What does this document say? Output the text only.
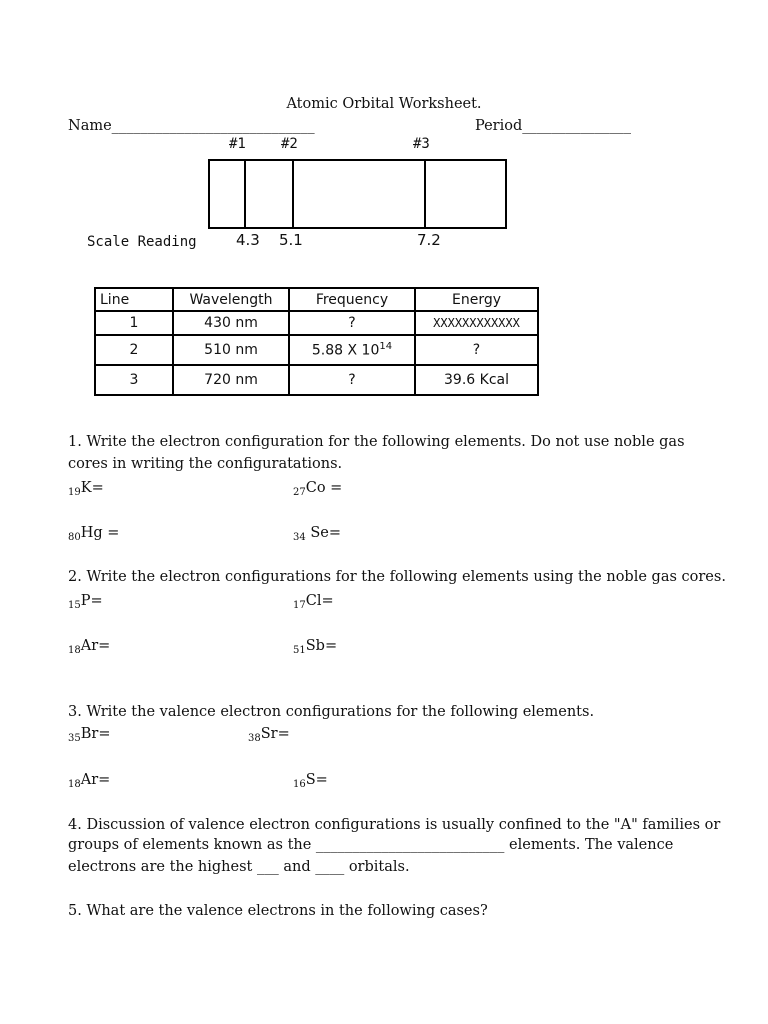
Atomic Orbital Worksheet.
Name____________________________	Period_______________
#1	#2	#3
Scale Reading	4.3 5.1	7.2
Line	Wavelength	Frequency	Energy
1	430 nm	?	XXXXXXXXXXXX
2	510 nm	5.88 X $10^{14}$	?
3	720 nm	?	39.6 Kcal
1. Write the electron configuration for the following elements. Do not use noble gas
cores in writing the configuratations.
$_{19}$K=	$_{27}$Co =
$_{80}$Hg =	$_{34}$ Se=
2. Write the electron configurations for the following elements using the noble gas cores.
$_{15}$P=	$_{17}$Cl=
$_{18}$Ar=	$_{51}$Sb=
3. Write the valence electron configurations for the following elements.
$_{35}$Br=	$_{38}$Sr=
$_{18}$Ar=	$_{16}$S=
4. Discussion of valence electron configurations is usually confined to the "A" families or
groups of elements known as the __________________________ elements. The valence
electrons are the highest ___ and ____ orbitals.
5. What are the valence electrons in the following cases?
